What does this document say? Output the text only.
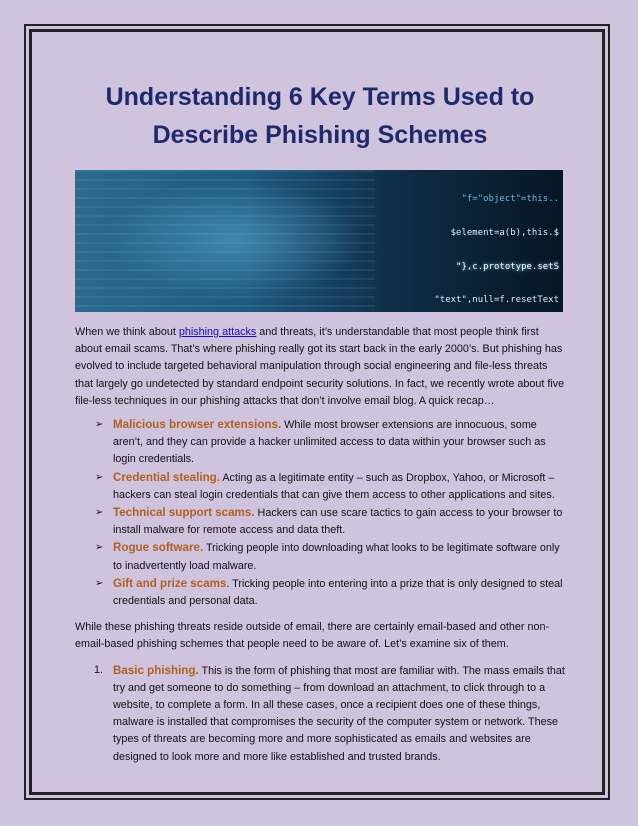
Understanding 6 Key Terms Used to Describe Phishing Schemes

"f="object"=this..

$element=a(b),this.$

"},c.prototype.setS

"text",null=f.resetText

When we think about phishing attacks and threats, it’s understandable that most people think first about email scams. That’s where phishing really got its start back in the early 2000’s. But phishing has evolved to include targeted behavioral manipulation through social engineering and file-less threats that largely go undetected by standard endpoint security solutions. In fact, we recently wrote about five file-less techniques in our phishing attacks that don’t involve email blog. A quick recap…

➢ Malicious browser extensions. While most browser extensions are innocuous, some aren’t, and they can provide a hacker unlimited access to data within your browser such as login credentials.
➢ Credential stealing. Acting as a legitimate entity – such as Dropbox, Yahoo, or Microsoft – hackers can steal login credentials that can give them access to other applications and sites.
➢ Technical support scams. Hackers can use scare tactics to gain access to your browser to install malware for remote access and data theft.
➢ Rogue software. Tricking people into downloading what looks to be legitimate software only to inadvertently load malware.
➢ Gift and prize scams. Tricking people into entering into a prize that is only designed to steal credentials and personal data.

While these phishing threats reside outside of email, there are certainly email-based and other non-email-based phishing schemes that people need to be aware of. Let’s examine six of them.

1. Basic phishing. This is the form of phishing that most are familiar with. The mass emails that try and get someone to do something – from download an attachment, to click through to a website, to complete a form. In all these cases, once a recipient does one of these things, malware is installed that compromises the security of the computer system or network. These types of threats are becoming more and more sophisticated as emails and websites are designed to look more and more like established and trusted brands.
